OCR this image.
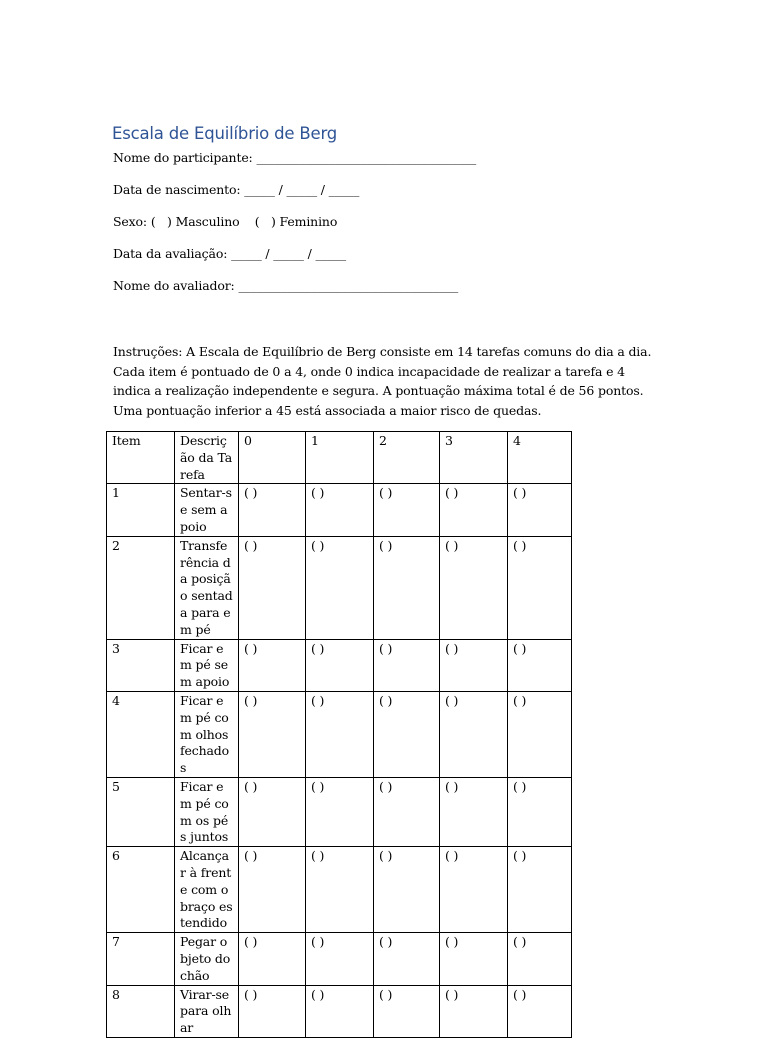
Escala de Equilíbrio de Berg
Nome do participante: ____________________________________
Data de nascimento: _____ / _____ / _____
Sexo: (   ) Masculino    (   ) Feminino
Data da avaliação: _____ / _____ / _____
Nome do avaliador: ____________________________________
Instruções: A Escala de Equilíbrio de Berg consiste em 14 tarefas comuns do dia a dia. Cada item é pontuado de 0 a 4, onde 0 indica incapacidade de realizar a tarefa e 4 indica a realização independente e segura. A pontuação máxima total é de 56 pontos. Uma pontuação inferior a 45 está associada a maior risco de quedas.
Item	Descrição da Tarefa	0	1	2	3	4
1	Sentar-se sem apoio	( )	( )	( )	( )	( )
2	Transferência da posição sentada para em pé	( )	( )	( )	( )	( )
3	Ficar em pé sem apoio	( )	( )	( )	( )	( )
4	Ficar em pé com olhos fechados	( )	( )	( )	( )	( )
5	Ficar em pé com os pés juntos	( )	( )	( )	( )	( )
6	Alcançar à frente com o braço estendido	( )	( )	( )	( )	( )
7	Pegar objeto do chão	( )	( )	( )	( )	( )
8	Virar-se para olhar	( )	( )	( )	( )	( )
